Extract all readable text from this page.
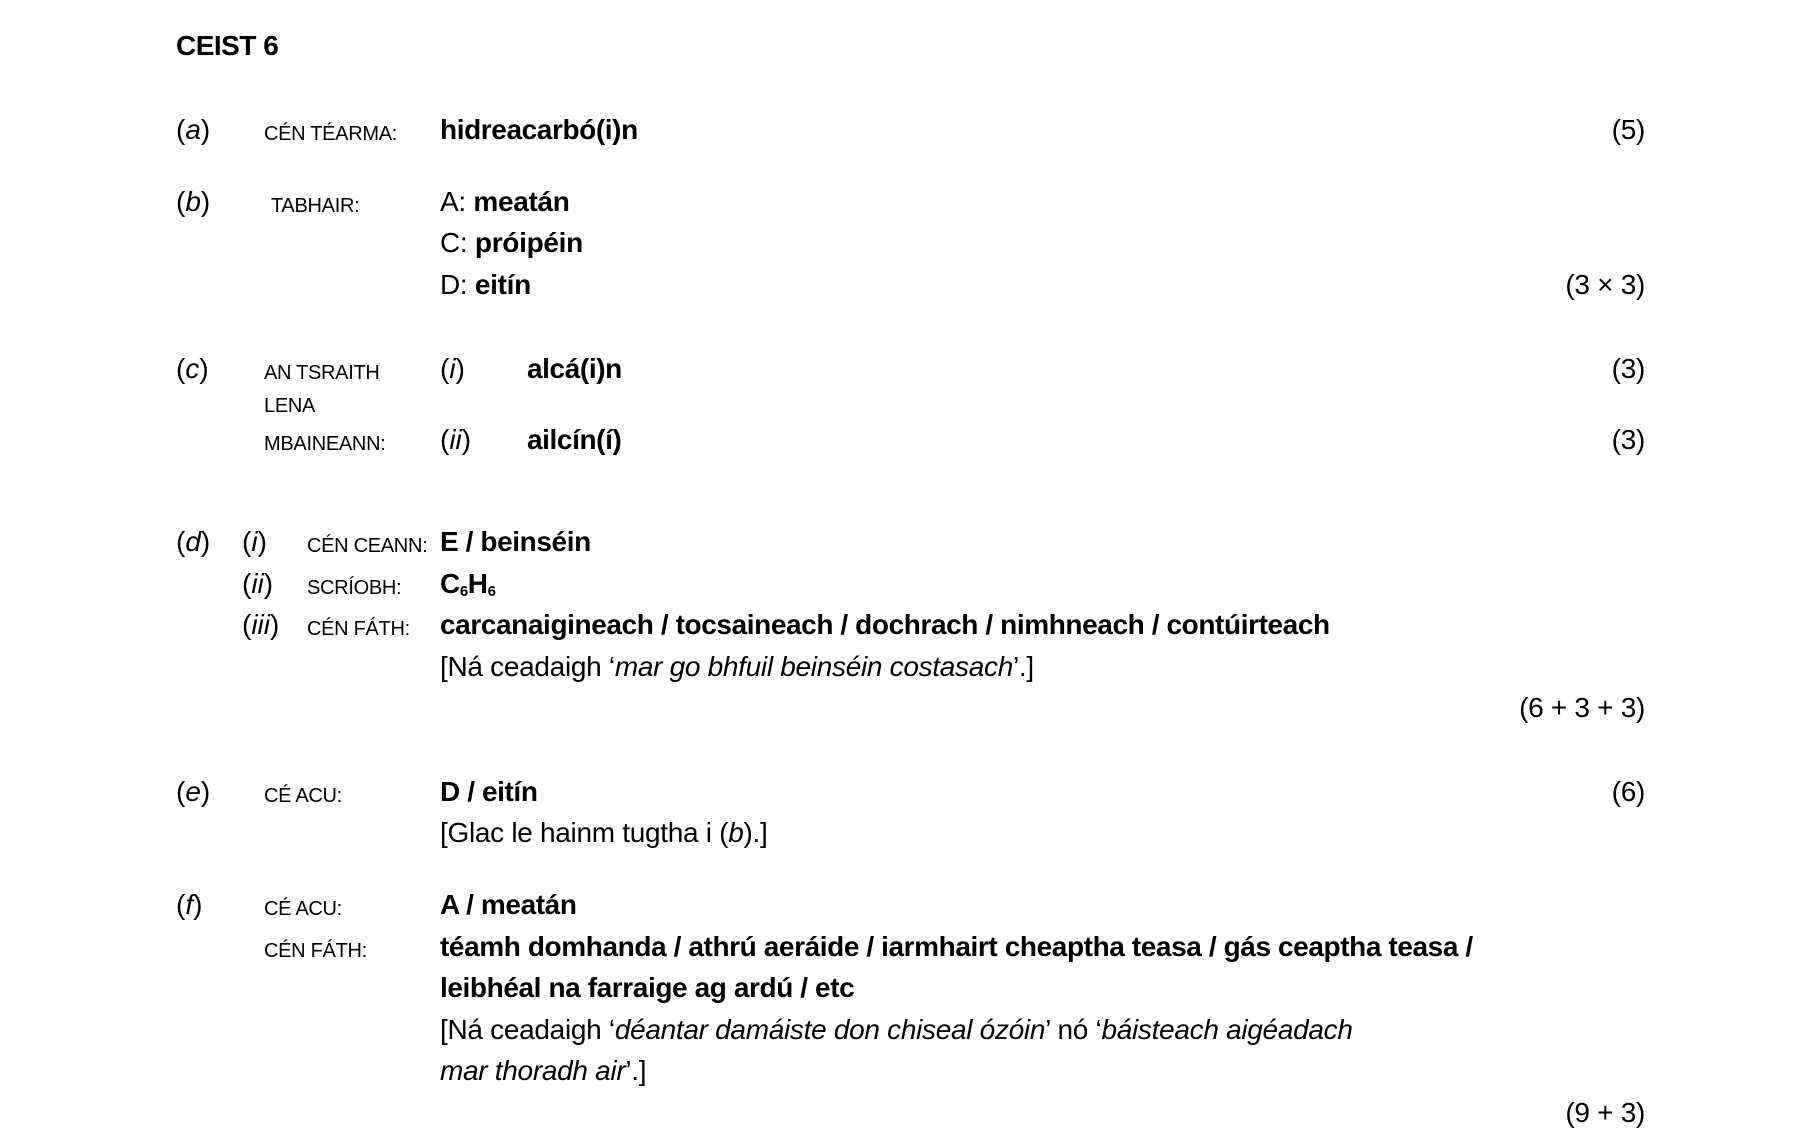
CEIST 6
(a)	CÉN TÉARMA: hidreacarbó(i)n	(5)
(b)	TABHAIR:	A: meatán
C: próipéin
D: eitín	(3 × 3)
(c)	AN TSRAITH
LENA
MBAINEANN:
(i) alcá(i)n	(3)
(ii) ailcín(í)	(3)
(d) (i) CÉN CEANN: E / beinséin
(ii) SCRÍOBH: $C_6H_6$
(iii) CÉN FÁTH: carcanaigineach / tocsaineach / dochrach / nimhneach / contúirteach
[Ná ceadaigh ‘mar go bhfuil beinséin costasach’.]
(6 + 3 + 3)
(e)	CÉ ACU:	D / eitín	(6)
[Glac le hainm tugtha i (b).]
(f)	CÉ ACU:	A / meatán
CÉN FÁTH:	téamh domhanda / athrú aeráide / iarmhairt cheaptha teasa / gás ceaptha teasa /
leibhéal na farraige ag ardú / etc
[Ná ceadaigh ‘déantar damáiste don chiseal ózóin’ nó ‘báisteach aigéadach
mar thoradh air’.]
(9 + 3)
